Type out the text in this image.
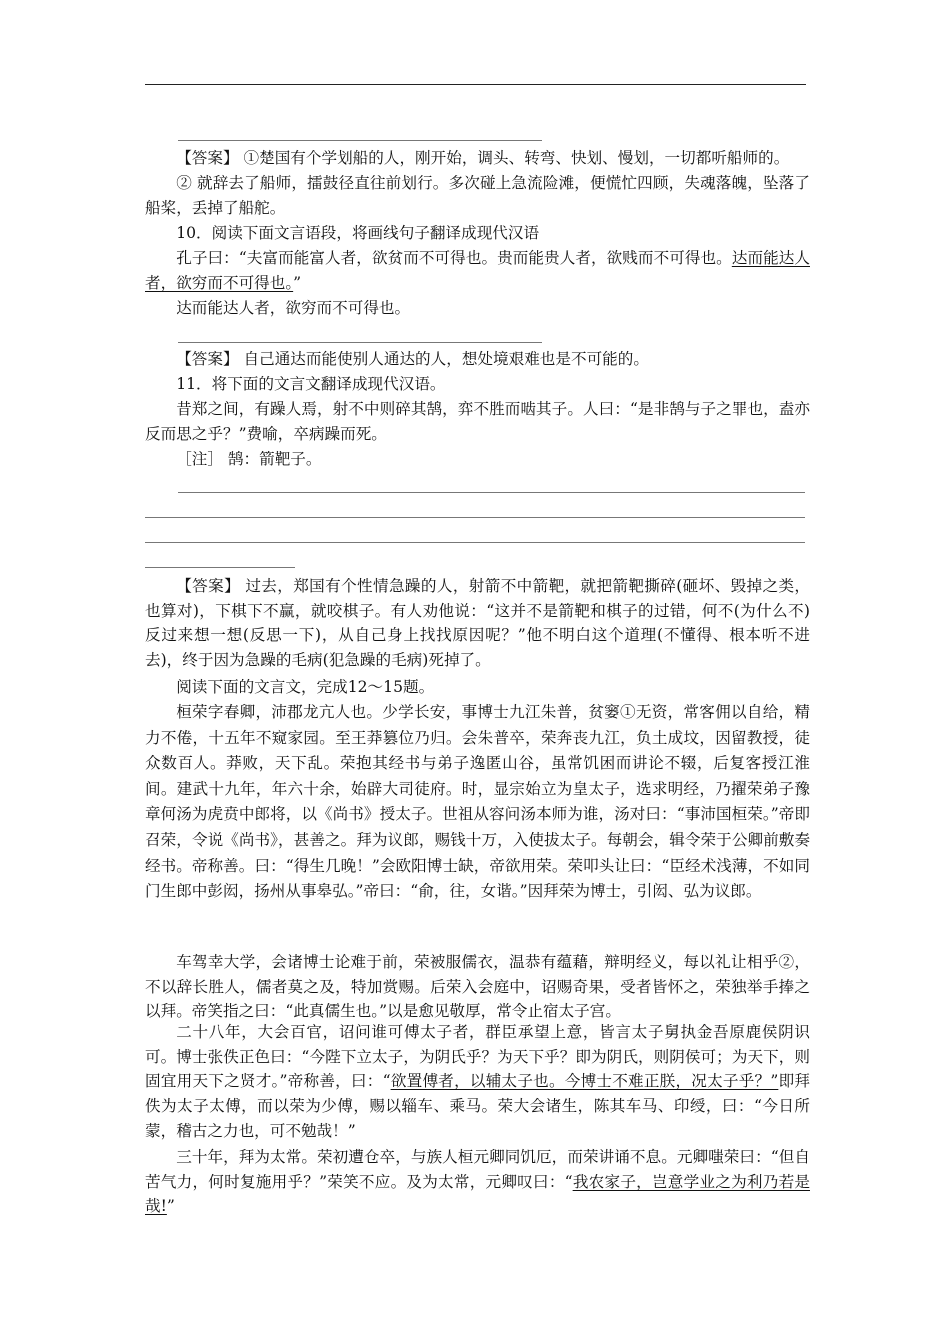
【答案】 ①楚国有个学划船的人，刚开始，调头、转弯、快划、慢划，一切都听船师的。

② 就辞去了船师，擂鼓径直往前划行。多次碰上急流险滩，便慌忙四顾，失魂落魄，坠落了船桨，丢掉了船舵。

10．阅读下面文言语段，将画线句子翻译成现代汉语

孔子曰：“夫富而能富人者，欲贫而不可得也。贵而能贵人者，欲贱而不可得也。达而能达人者，欲穷而不可得也。”

达而能达人者，欲穷而不可得也。

【答案】 自己通达而能使别人通达的人，想处境艰难也是不可能的。

11．将下面的文言文翻译成现代汉语。

昔郑之间，有躁人焉，射不中则碎其鹄，弈不胜而啮其子。人曰：“是非鹄与子之罪也，盍亦反而思之乎？”费喻，卒病躁而死。

［注］ 鹄：箭靶子。

【答案】 过去，郑国有个性情急躁的人，射箭不中箭靶，就把箭靶撕碎(砸坏、毁掉之类，也算对)，下棋下不赢，就咬棋子。有人劝他说：“这并不是箭靶和棋子的过错，何不(为什么不)反过来想一想(反思一下)，从自己身上找找原因呢？”他不明白这个道理(不懂得、根本听不进去)，终于因为急躁的毛病(犯急躁的毛病)死掉了。

阅读下面的文言文，完成12～15题。

桓荣字春卿，沛郡龙亢人也。少学长安，事博士九江朱普，贫窭①无资，常客佣以自给，精力不倦，十五年不窥家园。至王莽篡位乃归。会朱普卒，荣奔丧九江，负土成坟，因留教授，徒众数百人。莽败，天下乱。荣抱其经书与弟子逸匿山谷，虽常饥困而讲论不辍，后复客授江淮间。建武十九年，年六十余，始辟大司徒府。时，显宗始立为皇太子，选求明经，乃擢荣弟子豫章何汤为虎贲中郎将，以《尚书》授太子。世祖从容问汤本师为谁，汤对曰：“事沛国桓荣。”帝即召荣，令说《尚书》，甚善之。拜为议郎，赐钱十万，入使拔太子。每朝会，辑令荣于公卿前敷奏经书。帝称善。曰：“得生几晚！”会欧阳博士缺，帝欲用荣。荣叩头让曰：“臣经术浅薄，不如同门生郎中彭闳，扬州从事皋弘。”帝曰：“俞，往，女谐。”因拜荣为博士，引闳、弘为议郎。

车驾幸大学，会诸博士论难于前，荣被服儒衣，温恭有蕴藉，辩明经义，每以礼让相乎②，不以辞长胜人，儒者莫之及，特加赏赐。后荣入会庭中，诏赐奇果，受者皆怀之，荣独举手捧之以拜。帝笑指之曰：“此真儒生也。”以是愈见敬厚，常令止宿太子宫。

二十八年，大会百官，诏问谁可傅太子者，群臣承望上意，皆言太子舅执金吾原鹿侯阴识可。博士张佚正色曰：“今陛下立太子，为阴氏乎？为天下乎？即为阴氏，则阴侯可；为天下，则固宜用天下之贤才。”帝称善，曰：“欲置傅者，以辅太子也。今博士不难正朕，况太子乎？”即拜佚为太子太傅，而以荣为少傅，赐以辎车、乘马。荣大会诸生，陈其车马、印绶，曰：“今日所蒙，稽古之力也，可不勉哉！”

三十年，拜为太常。荣初遭仓卒，与族人桓元卿同饥厄，而荣讲诵不息。元卿嗤荣曰：“但自苦气力，何时复施用乎？”荣笑不应。及为太常，元卿叹曰：“我农家子，岂意学业之为利乃若是哉!”
